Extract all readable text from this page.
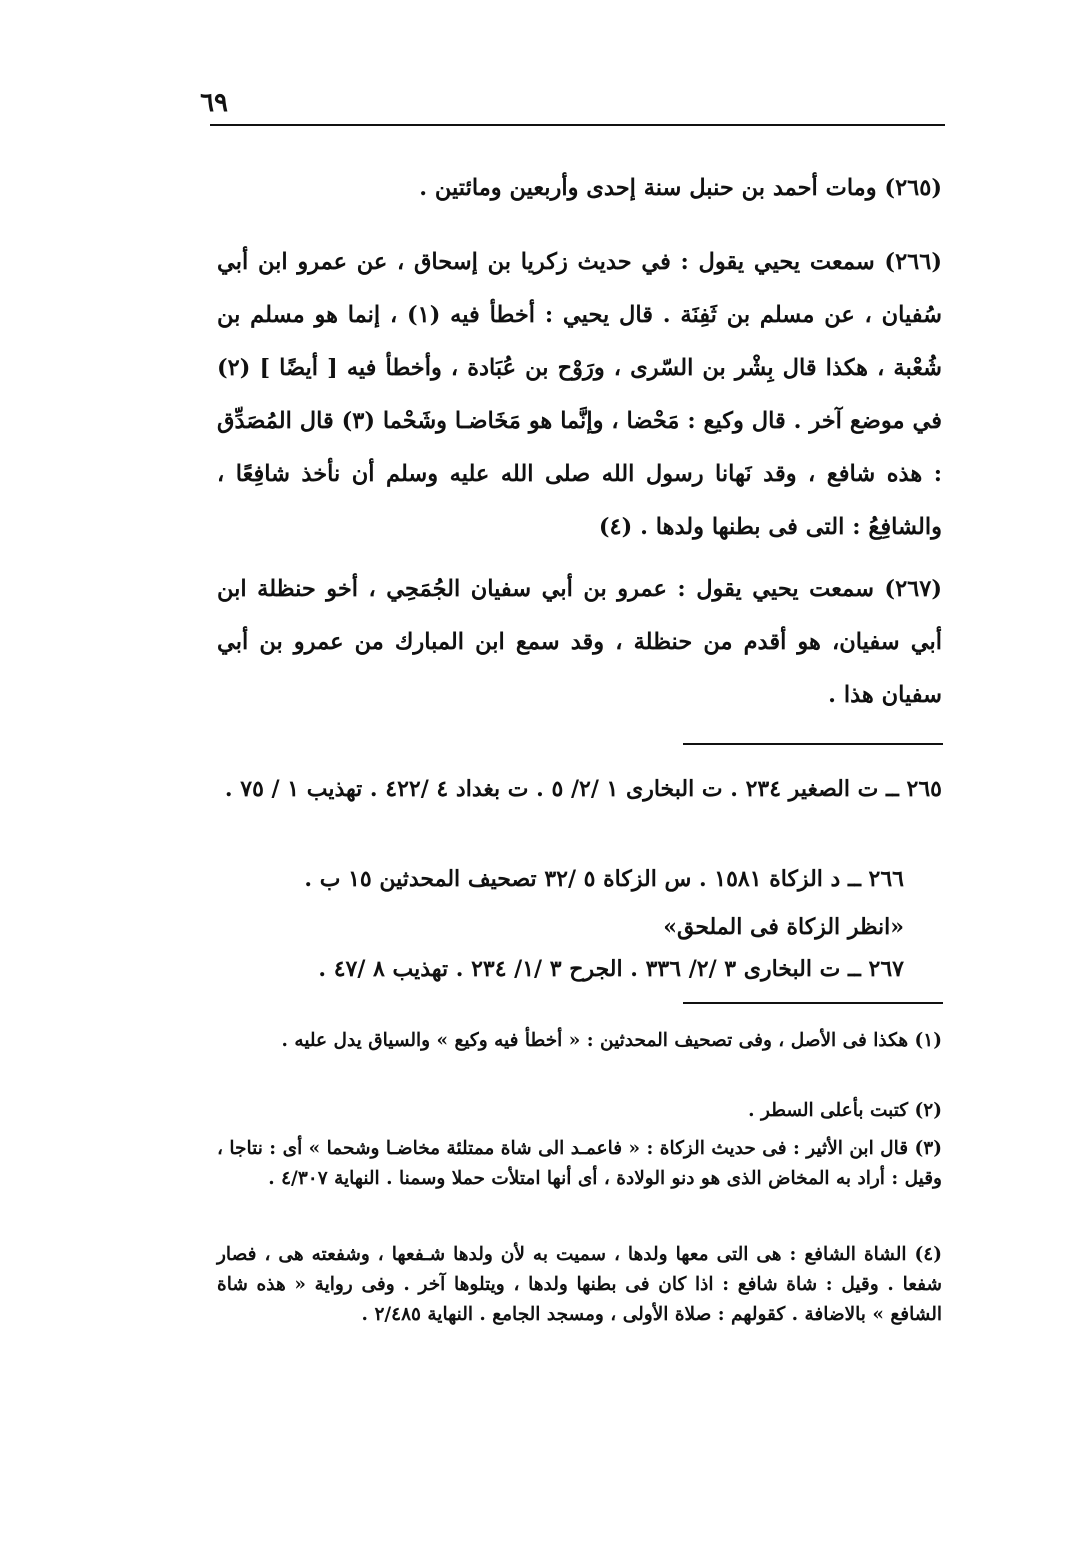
٦٩
(٢٦٥) ومات أحمد بن حنبل سنة إحدى وأربعين ومائتين .
(٢٦٦) سمعت يحيي يقول : في حديث زكريا بن إسحاق ، عن عمرو ابن أبي سُفيان ، عن مسلم بن ثَفِنَة . قال يحيي : أخطأ فيه (١) ، إنما هو مسلم بن شُعْبة ، هكذا قال بِشْر بن السّرى ، ورَوْح بن عُبَادة ، وأخطأ فيه [ أيضًا ] (٢) في موضع آخر . قال وكيع : مَحْضا ، وإنَّما هو مَخَاضـا وشَحْما (٣) قال المُصَدِّق : هذه شافع ، وقد نَهانا رسول الله صلى الله عليه وسلم أن نأخذ شافِعًا ، والشافِعُ : التى فى بطنها ولدها . (٤)
(٢٦٧) سمعت يحيي يقول : عمرو بن أبي سفيان الجُمَحِي ، أخو حنظلة ابن أبي سفيان، هو أقدم من حنظلة ، وقد سمع ابن المبارك من عمرو بن أبي سفيان هذا .
٢٦٥ ــ ت الصغير ٢٣٤ . ت البخارى ١ /٢/ ٥ . ت بغداد ٤ /٤٢٢ . تهذيب ١ / ٧٥ .
٢٦٦ ــ د الزكاة ١٥٨١ . س الزكاة ٥ /٣٢ تصحيف المحدثين ١٥ ب .
«انظر الزكاة فى الملحق»
٢٦٧ ــ ت البخارى ٣ /٢/ ٣٣٦ . الجرح ٣ /١/ ٢٣٤ . تهذيب ٨ /٤٧ .
(١) هكذا فى الأصل ، وفى تصحيف المحدثين : « أخطأ فيه وكيع » والسياق يدل عليه .
(٢) كتبت بأعلى السطر .
(٣) قال ابن الأثير : فى حديث الزكاة : « فاعمـد الى شاة ممتلئة مخاضـا وشحما » أى : نتاجا ، وقيل : أراد به المخاض الذى هو دنو الولادة ، أى أنها امتلأت حملا وسمنا . النهاية ٤/٣٠٧ .
(٤) الشاة الشافع : هى التى معها ولدها ، سميت به لأن ولدها شـفعها ، وشفعته هى ، فصار شفعا . وقيل : شاة شافع : اذا كان فى بطنها ولدها ، ويتلوها آخر . وفى رواية « هذه شاة الشافع » بالاضافة . كقولهم : صلاة الأولى ، ومسجد الجامع . النهاية ٢/٤٨٥ .
